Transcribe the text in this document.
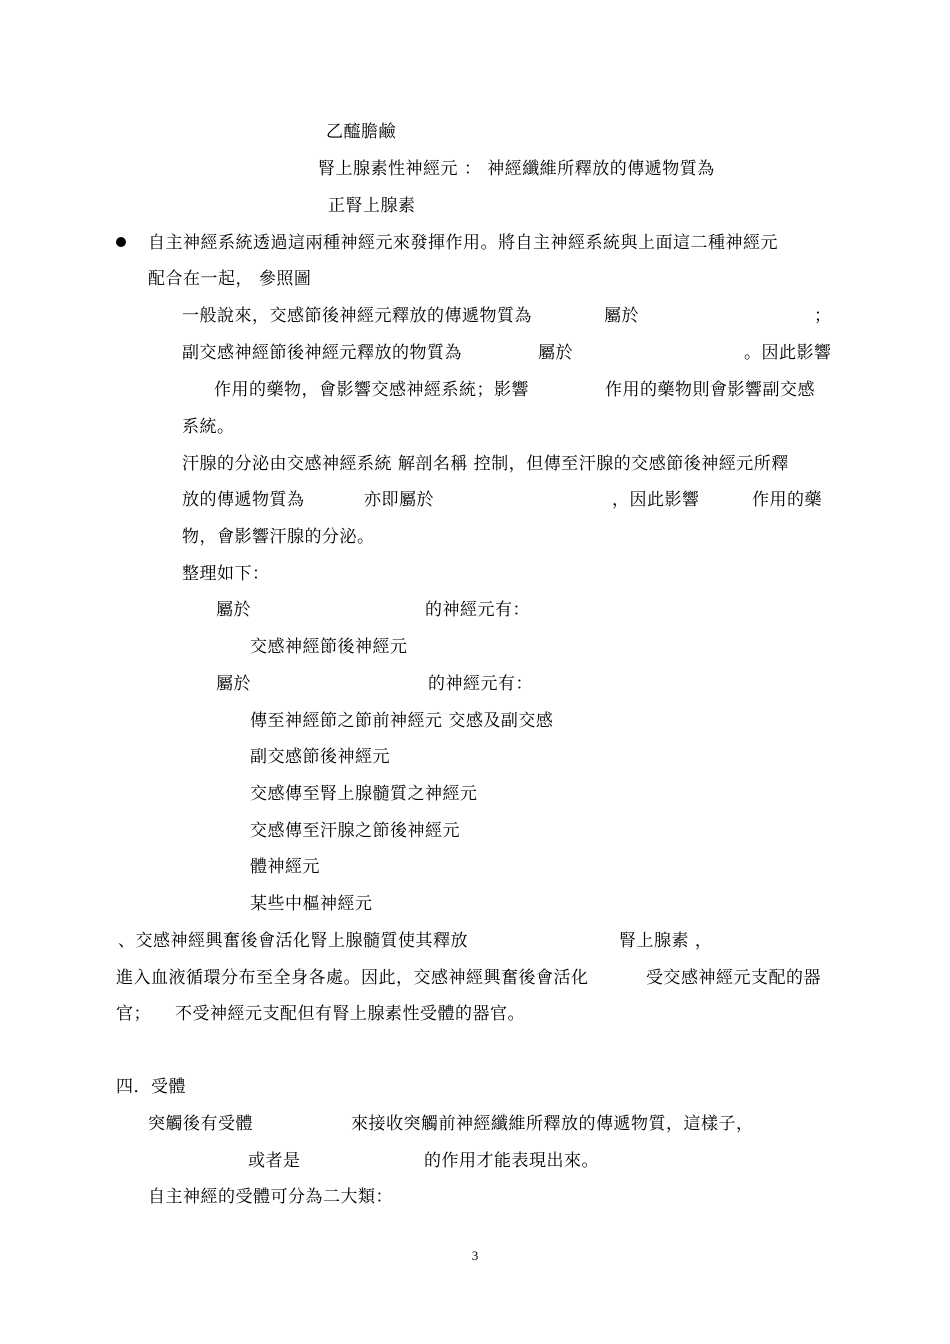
乙醯膽鹼
腎上腺素性神經元 ： 神經纖維所釋放的傳遞物質為
正腎上腺素
自主神經系統透過這兩種神經元來發揮作用。將自主神經系統與上面這二種神經元
配合在一起， 參照圖
一般說來，交感節後神經元釋放的傳遞物質為	屬於	；
副交感神經節後神經元釋放的物質為	屬於	。因此影響
作用的藥物，會影響交感神經系統；影響	作用的藥物則會影響副交感
系統。
汗腺的分泌由交感神經系統 解剖名稱 控制，但傳至汗腺的交感節後神經元所釋
放的傳遞物質為	亦即屬於	，因此影響	作用的藥
物，會影響汗腺的分泌。
整理如下：
屬於	的神經元有：
交感神經節後神經元
屬於	的神經元有：
傳至神經節之節前神經元 交感及副交感
副交感節後神經元
交感傳至腎上腺髓質之神經元
交感傳至汗腺之節後神經元
體神經元
某些中樞神經元
、交感神經興奮後會活化腎上腺髓質使其釋放	腎上腺素 ，
進入血液循環分布至全身各處。因此，交感神經興奮後會活化	受交感神經元支配的器
官； 不受神經元支配但有腎上腺素性受體的器官。
四．受體
突觸後有受體	來接收突觸前神經纖維所釋放的傳遞物質，這樣子，
或者是	的作用才能表現出來。
自主神經的受體可分為二大類：
3
